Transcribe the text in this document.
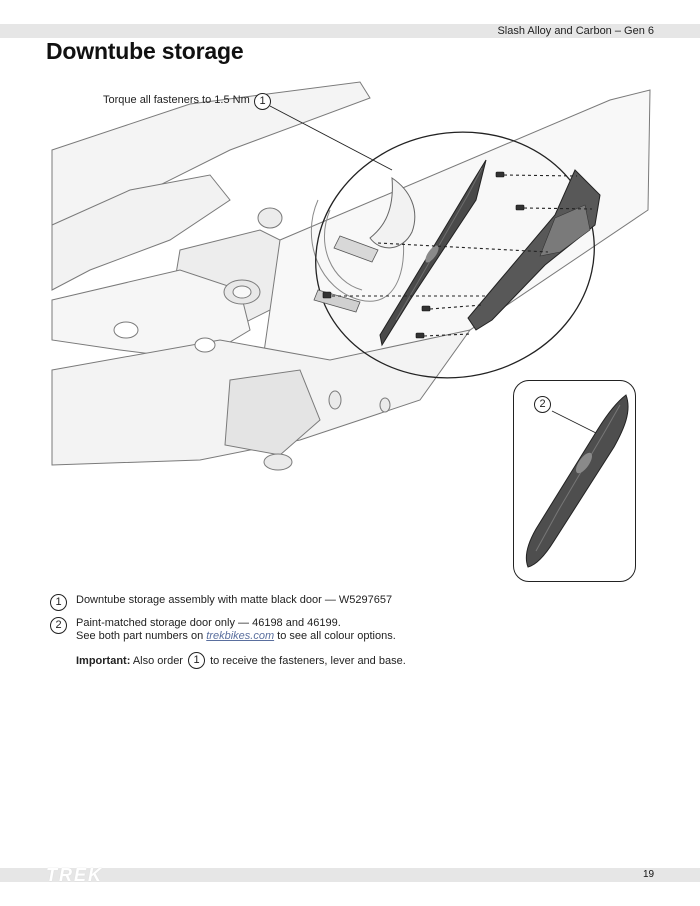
Slash Alloy and Carbon – Gen 6
Downtube storage
Torque all fasteners to 1.5 Nm 1
2
1	Downtube storage assembly with matte black door — W5297657
2	Paint-matched storage door only — 46198 and 46199.
See both part numbers on trekbikes.com to see all colour options.
Important: Also order 1 to receive the fasteners, lever and base.
TREK	19
